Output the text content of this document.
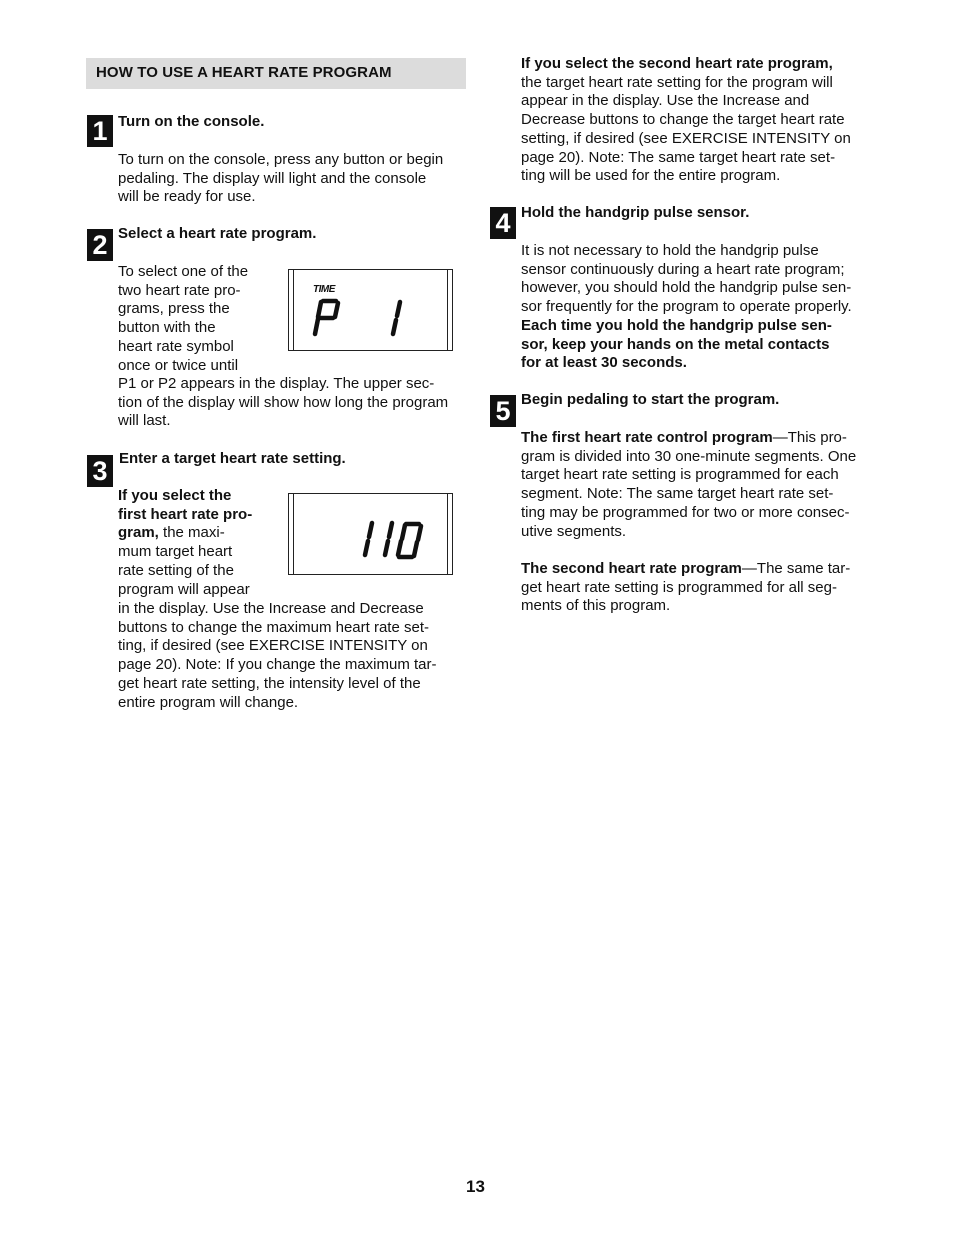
HOW TO USE A HEART RATE PROGRAM
1 Turn on the console.
To turn on the console, press any button or begin
pedaling. The display will light and the console
will be ready for use.
2 Select a heart rate program.
To select one of the
two heart rate pro-
grams, press the
button with the
heart rate symbol
once or twice until
P1 or P2 appears in the display. The upper sec-
tion of the display will show how long the program
will last.
TIME
P 1
3 Enter a target heart rate setting.
If you select the
first heart rate pro-
gram, the maxi-
mum target heart
rate setting of the
program will appear
in the display. Use the Increase and Decrease
buttons to change the maximum heart rate set-
ting, if desired (see EXERCISE INTENSITY on
page 20). Note: If you change the maximum tar-
get heart rate setting, the intensity level of the
entire program will change.
110
If you select the second heart rate program,
the target heart rate setting for the program will
appear in the display. Use the Increase and
Decrease buttons to change the target heart rate
setting, if desired (see EXERCISE INTENSITY on
page 20). Note: The same target heart rate set-
ting will be used for the entire program.
4 Hold the handgrip pulse sensor.
It is not necessary to hold the handgrip pulse
sensor continuously during a heart rate program;
however, you should hold the handgrip pulse sen-
sor frequently for the program to operate properly.
Each time you hold the handgrip pulse sen-
sor, keep your hands on the metal contacts
for at least 30 seconds.
5 Begin pedaling to start the program.
The first heart rate control program—This pro-
gram is divided into 30 one-minute segments. One
target heart rate setting is programmed for each
segment. Note: The same target heart rate set-
ting may be programmed for two or more consec-
utive segments.
The second heart rate program—The same tar-
get heart rate setting is programmed for all seg-
ments of this program.
13
